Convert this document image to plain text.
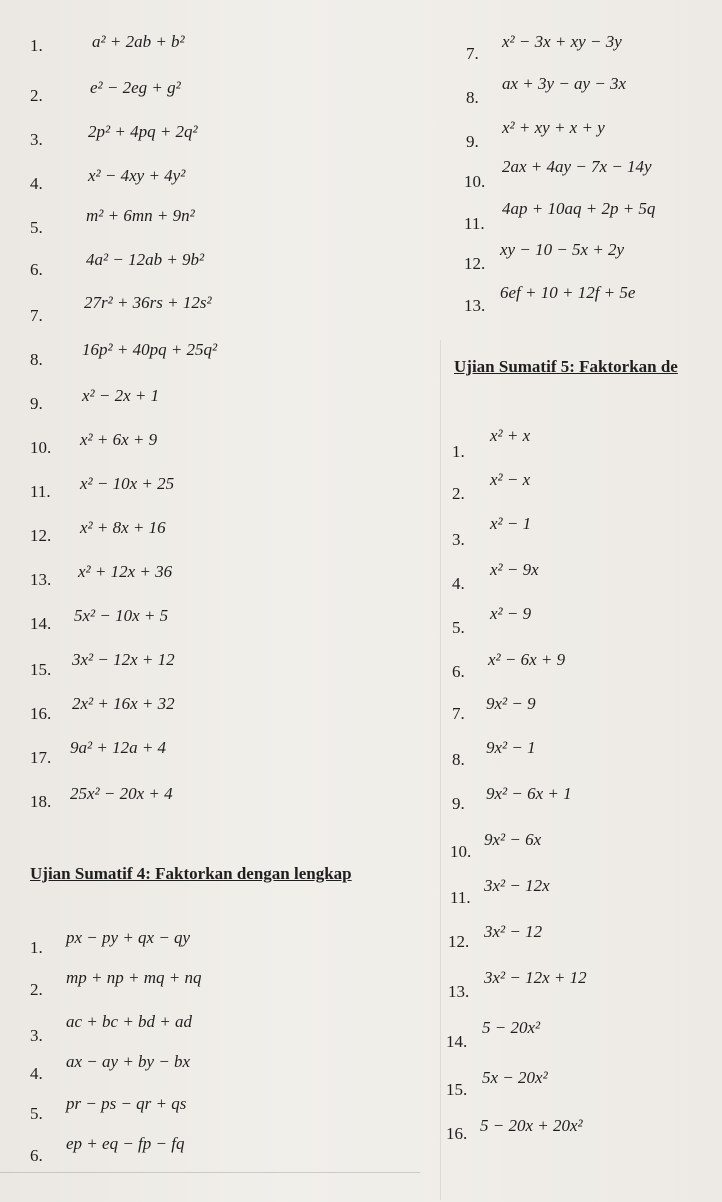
1.	a² + 2ab + b²
2.	e² − 2eg + g²
3.	2p² + 4pq + 2q²
4.	x² − 4xy + 4y²
5.
m² + 6mn + 9n²
6.
4a² − 12ab + 9b²
7.
27r² + 36rs + 12s²
8.
16p² + 40pq + 25q²
9. x² − 2x + 1
10. x² + 6x + 9
11. x² − 10x + 25
12. x² + 8x + 16
13. x² + 12x + 36
14. 5x² − 10x + 5
15.
3x² − 12x + 12
16.
2x² + 16x + 32
17.
9a² + 12a + 4
18. 25x² − 20x + 4
7.
x² − 3x + xy − 3y
8.
ax + 3y − ay − 3x
9.
x² + xy + x + y
10.
2ax + 4ay − 7x − 14y
11.
4ap + 10aq + 2p + 5q
12.
xy − 10 − 5x + 2y
13.
6ef + 10 + 12f + 5e
Ujian Sumatif 5: Faktorkan de
1.
x² + x
2.
x² − x
3.
x² − 1
4.
x² − 9x
5.
x² − 9
6.
x² − 6x + 9
7.
9x² − 9
8.
9x² − 1
9.
9x² − 6x + 1
10.
9x² − 6x
11.
3x² − 12x
12.
3x² − 12
13.
3x² − 12x + 12
14.
5 − 20x²
15.
5x − 20x²
16. 5 − 20x + 20x²
Ujian Sumatif 4: Faktorkan dengan lengkap
1.
px − py + qx − qy
2.
mp + np + mq + nq
3.
ac + bc + bd + ad
4.
ax − ay + by − bx
5.
pr − ps − qr + qs
6.
ep + eq − fp − fq
